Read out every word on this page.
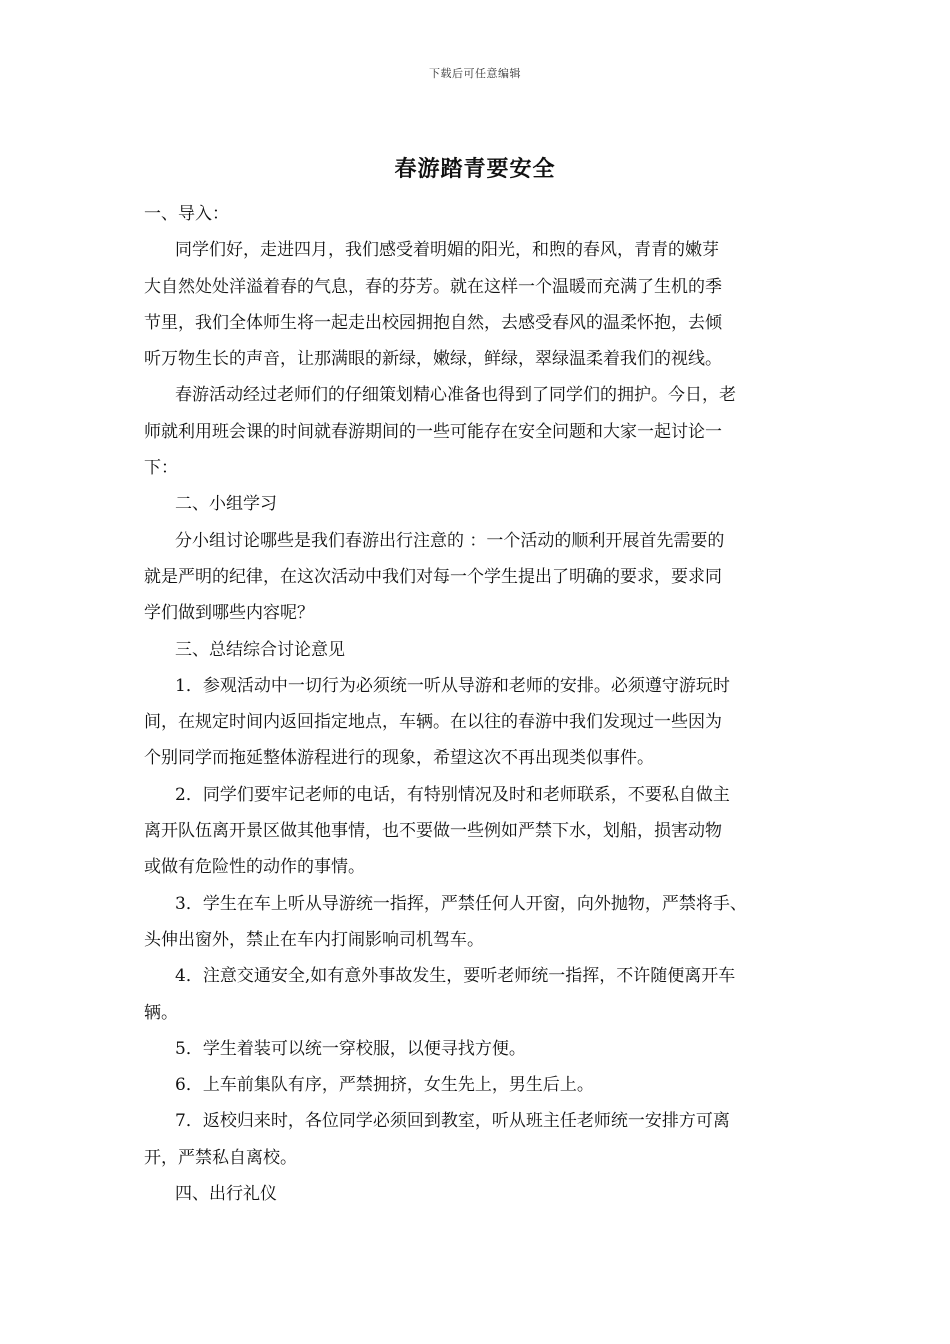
下载后可任意编辑
春游踏青要安全
一、导入：
同学们好，走进四月，我们感受着明媚的阳光，和煦的春风，青青的嫩芽
大自然处处洋溢着春的气息，春的芬芳。就在这样一个温暖而充满了生机的季
节里，我们全体师生将一起走出校园拥抱自然，去感受春风的温柔怀抱，去倾
听万物生长的声音，让那满眼的新绿，嫩绿，鲜绿，翠绿温柔着我们的视线。
春游活动经过老师们的仔细策划精心准备也得到了同学们的拥护。今日，老
师就利用班会课的时间就春游期间的一些可能存在安全问题和大家一起讨论一
下：
二、小组学习
分小组讨论哪些是我们春游出行注意的 ：一个活动的顺利开展首先需要的
就是严明的纪律，在这次活动中我们对每一个学生提出了明确的要求，要求同
学们做到哪些内容呢？
三、总结综合讨论意见
1．参观活动中一切行为必须统一听从导游和老师的安排。必须遵守游玩时
间，在规定时间内返回指定地点，车辆。在以往的春游中我们发现过一些因为
个别同学而拖延整体游程进行的现象，希望这次不再出现类似事件。
2．同学们要牢记老师的电话，有特别情况及时和老师联系，不要私自做主
离开队伍离开景区做其他事情，也不要做一些例如严禁下水，划船，损害动物
或做有危险性的动作的事情。
3．学生在车上听从导游统一指挥，严禁任何人开窗，向外抛物，严禁将手、
头伸出窗外，禁止在车内打闹影响司机驾车。
4．注意交通安全,如有意外事故发生，要听老师统一指挥，不许随便离开车
辆。
5．学生着装可以统一穿校服，以便寻找方便。
6．上车前集队有序，严禁拥挤，女生先上，男生后上。
7．返校归来时，各位同学必须回到教室，听从班主任老师统一安排方可离
开，严禁私自离校。
四、出行礼仪
